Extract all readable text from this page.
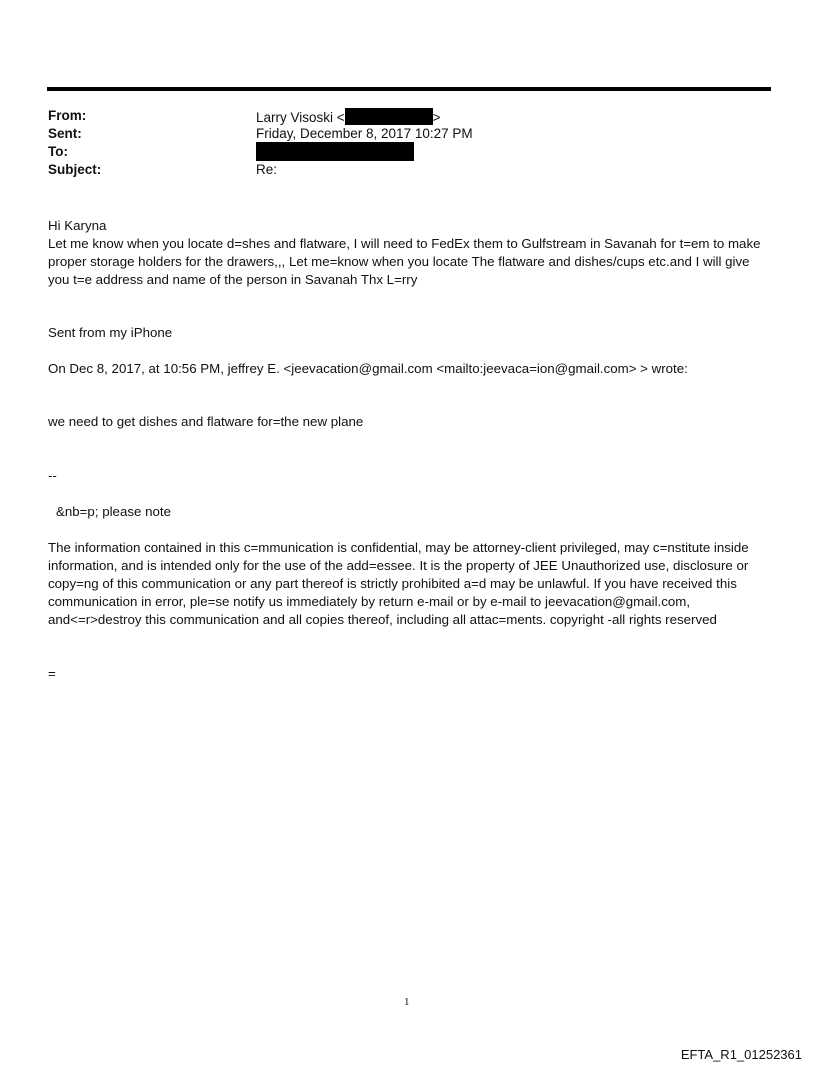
From:	Larry Visoski <	>
Sent:	Friday, December 8, 2017 10:27 PM
To:
Subject:	Re:
Hi Karyna
Let me know when you locate d=shes and flatware, I will need to FedEx them to Gulfstream in Savanah for t=em to make proper storage holders for the drawers,,, Let me=know when you locate The flatware and dishes/cups etc.and I will give you t=e address and name of the person in Savanah Thx L=rry
Sent from my iPhone
On Dec 8, 2017, at 10:56 PM, jeffrey E. <jeevacation@gmail.com <mailto:jeevaca=ion@gmail.com> > wrote:
we need to get dishes and flatware for=the new plane
--
&nb=p; please note
The information contained in this c=mmunication is confidential, may be attorney-client privileged, may c=nstitute inside information, and is intended only for the use of the add=essee. It is the property of JEE Unauthorized use, disclosure or copy=ng of this communication or any part thereof is strictly prohibited a=d may be unlawful. If you have received this communication in error, ple=se notify us immediately by return e-mail or by e-mail to jeevacation@gmail.com, and<=r>destroy this communication and all copies thereof, including all attac=ments. copyright -all rights reserved
=
1
EFTA_R1_01252361
